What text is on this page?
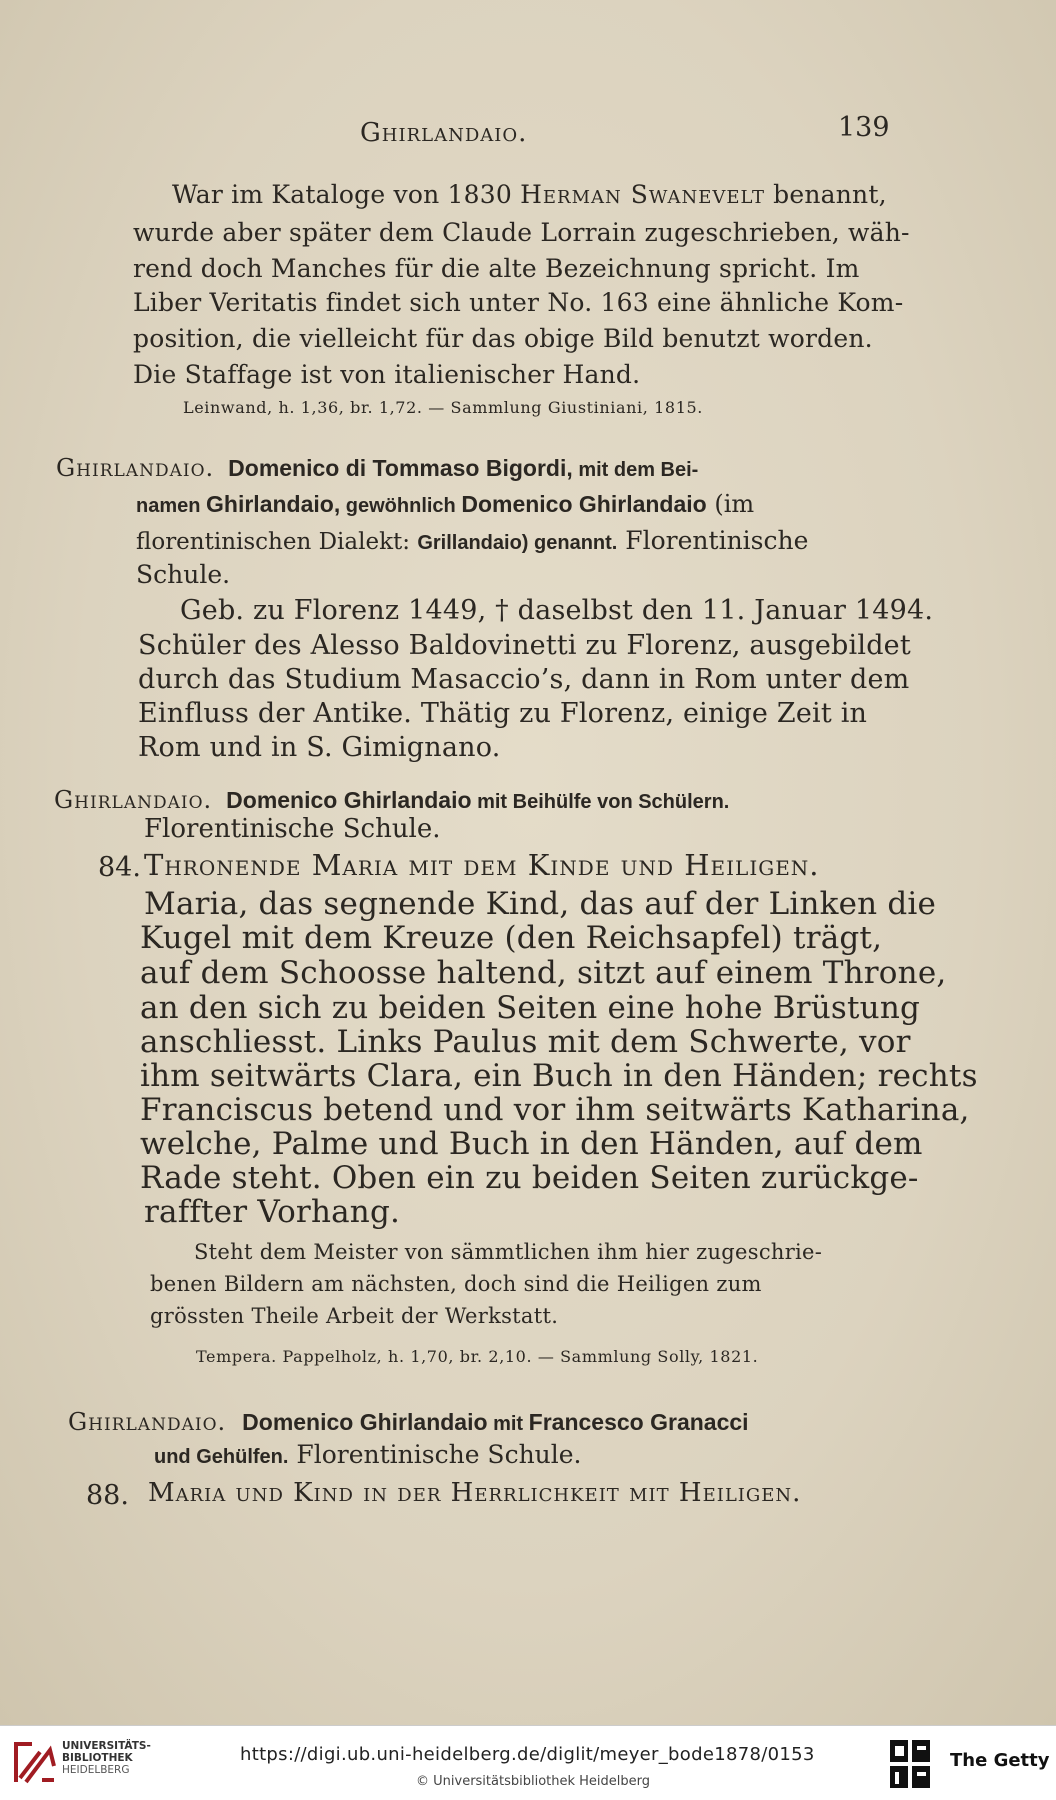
Ghirlandaio.	139
War im Kataloge von 1830 Herman Swanevelt benannt,
wurde aber später dem Claude Lorrain zugeschrieben, wäh-
rend doch Manches für die alte Bezeichnung spricht. Im
Liber Veritatis findet sich unter No. 163 eine ähnliche Kom-
position, die vielleicht für das obige Bild benutzt worden.
Die Staffage ist von italienischer Hand.
Leinwand, h. 1,36, br. 1,72. — Sammlung Giustiniani, 1815.
Ghirlandaio. Domenico di Tommaso Bigordi, mit dem Bei-
namen Ghirlandaio, gewöhnlich Domenico Ghirlandaio (im
florentinischen Dialekt: Grillandaio) genannt. Florentinische
Schule.
Geb. zu Florenz 1449, † daselbst den 11. Januar 1494.
Schüler des Alesso Baldovinetti zu Florenz, ausgebildet
durch das Studium Masaccio’s, dann in Rom unter dem
Einfluss der Antike. Thätig zu Florenz, einige Zeit in
Rom und in S. Gimignano.
Ghirlandaio. Domenico Ghirlandaio mit Beihülfe von Schülern.
Florentinische Schule.
84. Thronende Maria mit dem Kinde und Heiligen.
Maria, das segnende Kind, das auf der Linken die
Kugel mit dem Kreuze (den Reichsapfel) trägt,
auf dem Schoosse haltend, sitzt auf einem Throne,
an den sich zu beiden Seiten eine hohe Brüstung
anschliesst. Links Paulus mit dem Schwerte, vor
ihm seitwärts Clara, ein Buch in den Händen; rechts
Franciscus betend und vor ihm seitwärts Katharina,
welche, Palme und Buch in den Händen, auf dem
Rade steht. Oben ein zu beiden Seiten zurückge-
raffter Vorhang.
Steht dem Meister von sämmtlichen ihm hier zugeschrie-
benen Bildern am nächsten, doch sind die Heiligen zum
grössten Theile Arbeit der Werkstatt.
Tempera. Pappelholz, h. 1,70, br. 2,10. — Sammlung Solly, 1821.
Ghirlandaio. Domenico Ghirlandaio mit Francesco Granacci
und Gehülfen. Florentinische Schule.
88. Maria und Kind in der Herrlichkeit mit Heiligen.
UNIVERSITÄTS-
BIBLIOTHEK
HEIDELBERG
https://digi.ub.uni-heidelberg.de/diglit/meyer_bode1878/0153
© Universitätsbibliothek Heidelberg
The Getty
